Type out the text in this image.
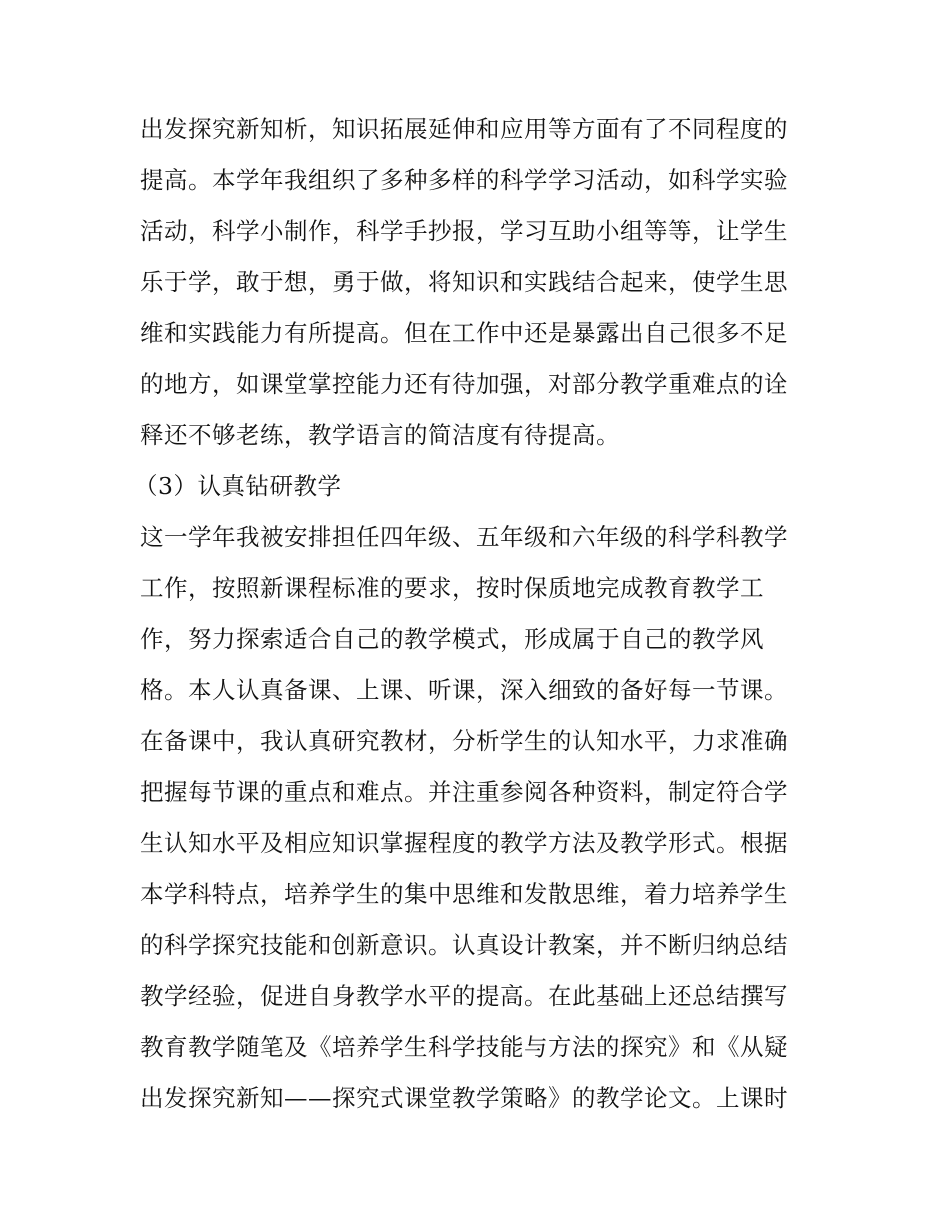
出发探究新知析，知识拓展延伸和应用等方面有了不同程度的
提高。本学年我组织了多种多样的科学学习活动，如科学实验
活动，科学小制作，科学手抄报，学习互助小组等等，让学生
乐于学，敢于想，勇于做，将知识和实践结合起来，使学生思
维和实践能力有所提高。但在工作中还是暴露出自己很多不足
的地方，如课堂掌控能力还有待加强，对部分教学重难点的诠
释还不够老练，教学语言的简洁度有待提高。
（3）认真钻研教学
这一学年我被安排担任四年级、五年级和六年级的科学科教学
工作，按照新课程标准的要求，按时保质地完成教育教学工
作，努力探索适合自己的教学模式，形成属于自己的教学风
格。本人认真备课、上课、听课，深入细致的备好每一节课。
在备课中，我认真研究教材，分析学生的认知水平，力求准确
把握每节课的重点和难点。并注重参阅各种资料，制定符合学
生认知水平及相应知识掌握程度的教学方法及教学形式。根据
本学科特点，培养学生的集中思维和发散思维，着力培养学生
的科学探究技能和创新意识。认真设计教案，并不断归纳总结
教学经验，促进自身教学水平的提高。在此基础上还总结撰写
教育教学随笔及《培养学生科学技能与方法的探究》和《从疑
出发探究新知——探究式课堂教学策略》的教学论文。上课时
